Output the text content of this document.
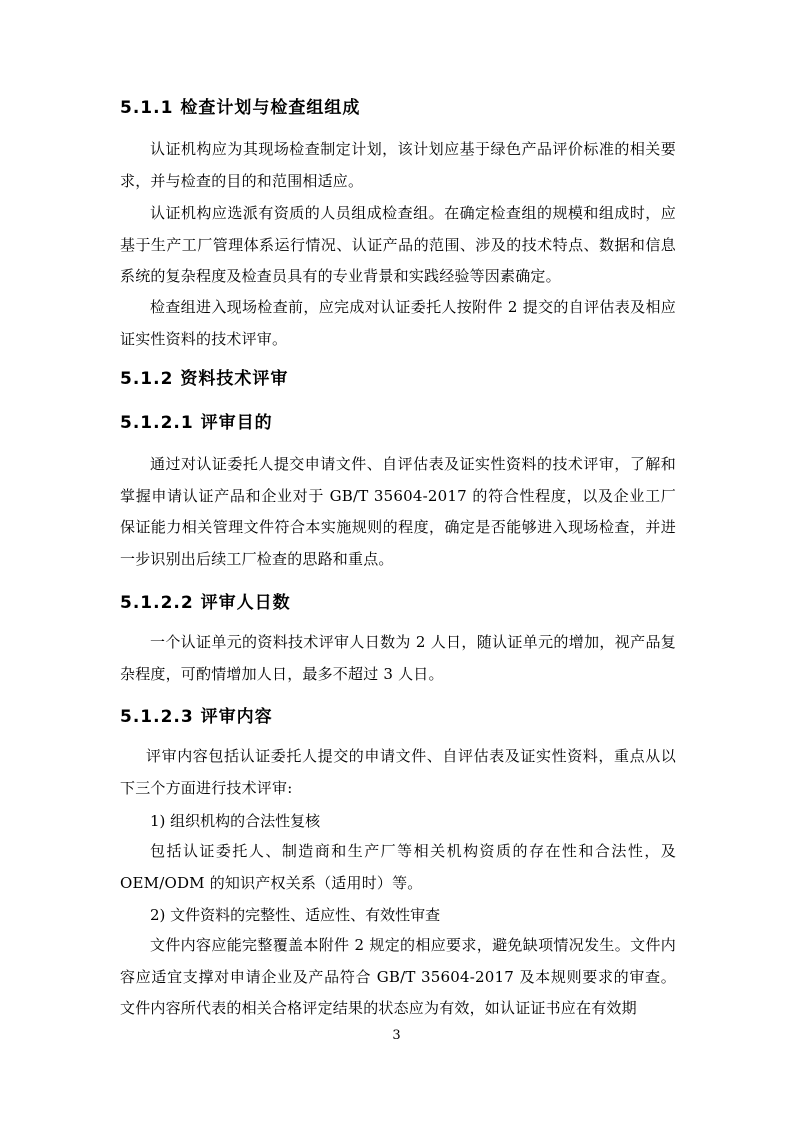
5.1.1 检查计划与检查组组成
认证机构应为其现场检查制定计划，该计划应基于绿色产品评价标准的相关要求，并与检查的目的和范围相适应。
认证机构应选派有资质的人员组成检查组。在确定检查组的规模和组成时，应基于生产工厂管理体系运行情况、认证产品的范围、涉及的技术特点、数据和信息系统的复杂程度及检查员具有的专业背景和实践经验等因素确定。
检查组进入现场检查前，应完成对认证委托人按附件 2 提交的自评估表及相应证实性资料的技术评审。
5.1.2 资料技术评审
5.1.2.1 评审目的
通过对认证委托人提交申请文件、自评估表及证实性资料的技术评审，了解和掌握申请认证产品和企业对于 GB/T 35604-2017 的符合性程度，以及企业工厂保证能力相关管理文件符合本实施规则的程度，确定是否能够进入现场检查，并进一步识别出后续工厂检查的思路和重点。
5.1.2.2 评审人日数
一个认证单元的资料技术评审人日数为 2 人日，随认证单元的增加，视产品复杂程度，可酌情增加人日，最多不超过 3 人日。
5.1.2.3 评审内容
评审内容包括认证委托人提交的申请文件、自评估表及证实性资料，重点从以下三个方面进行技术评审:
1) 组织机构的合法性复核
包括认证委托人、制造商和生产厂等相关机构资质的存在性和合法性，及OEM/ODM 的知识产权关系（适用时）等。
2) 文件资料的完整性、适应性、有效性审查
文件内容应能完整覆盖本附件 2 规定的相应要求，避免缺项情况发生。文件内容应适宜支撑对申请企业及产品符合 GB/T 35604-2017 及本规则要求的审查。文件内容所代表的相关合格评定结果的状态应为有效，如认证证书应在有效期
3
